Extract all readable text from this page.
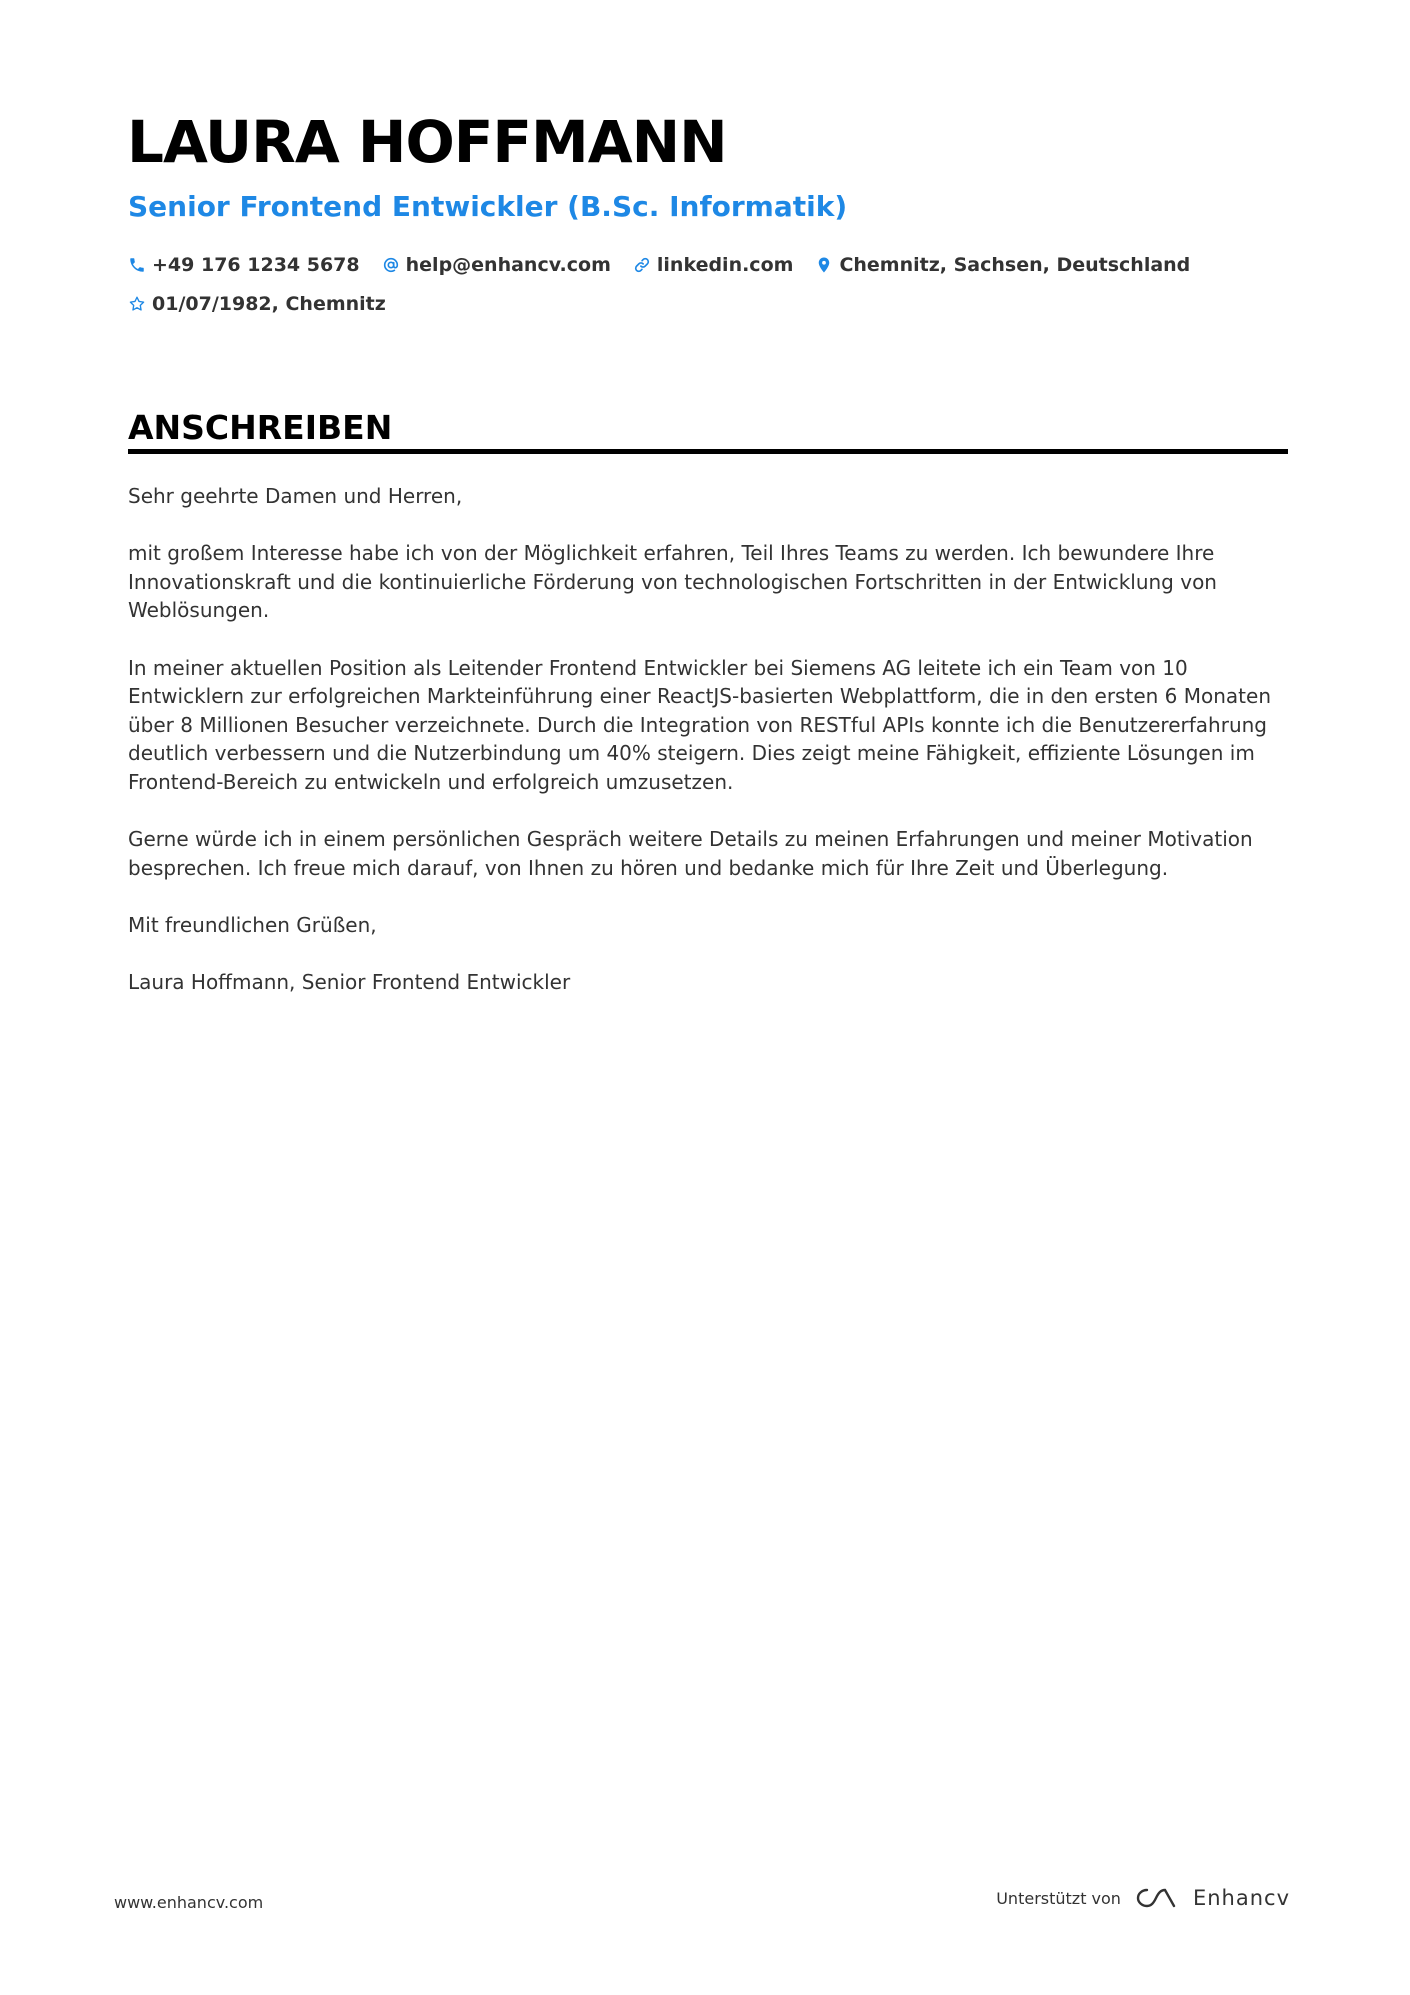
LAURA HOFFMANN
Senior Frontend Entwickler (B.Sc. Informatik)
+49 176 1234 5678 help@enhancv.com linkedin.com Chemnitz, Sachsen, Deutschland
01/07/1982, Chemnitz
ANSCHREIBEN

Sehr geehrte Damen und Herren,

mit großem Interesse habe ich von der Möglichkeit erfahren, Teil Ihres Teams zu werden. Ich bewundere Ihre Innovationskraft und die kontinuierliche Förderung von technologischen Fortschritten in der Entwicklung von Weblösungen.

In meiner aktuellen Position als Leitender Frontend Entwickler bei Siemens AG leitete ich ein Team von 10 Entwicklern zur erfolgreichen Markteinführung einer ReactJS-basierten Webplattform, die in den ersten 6 Monaten über 8 Millionen Besucher verzeichnete. Durch die Integration von RESTful APIs konnte ich die Benutzererfahrung deutlich verbessern und die Nutzerbindung um 40% steigern. Dies zeigt meine Fähigkeit, effiziente Lösungen im Frontend-Bereich zu entwickeln und erfolgreich umzusetzen.

Gerne würde ich in einem persönlichen Gespräch weitere Details zu meinen Erfahrungen und meiner Motivation besprechen. Ich freue mich darauf, von Ihnen zu hören und bedanke mich für Ihre Zeit und Überlegung.

Mit freundlichen Grüßen,

Laura Hoffmann, Senior Frontend Entwickler

www.enhancv.com	Unterstützt von	Enhancv
